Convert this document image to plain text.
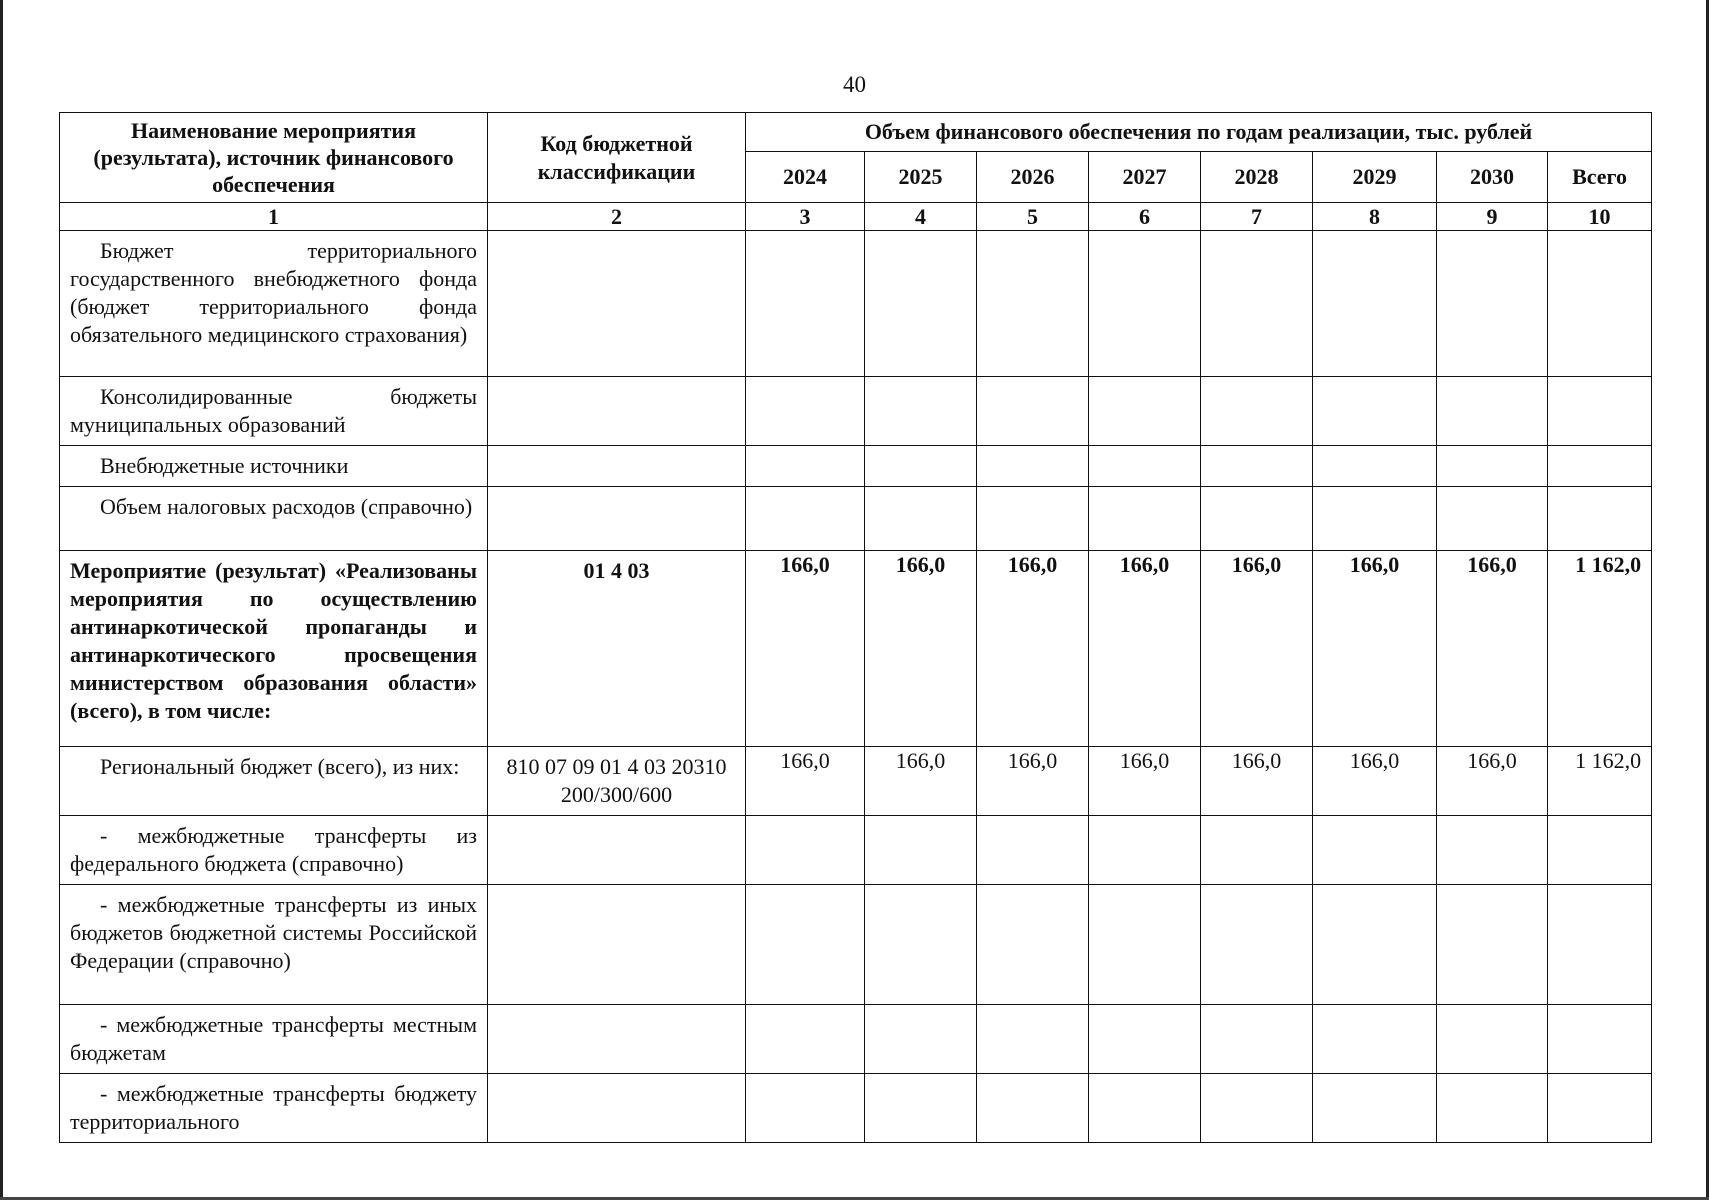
40
Наименование мероприятия (результата), источник финансового обеспечения	Код бюджетной классификации	Объем финансового обеспечения по годам реализации, тыс. рублей							
		2024	2025	2026	2027	2028	2029	2030	Всего
1	2	3	4	5	6	7	8	9	10
Бюджет территориального государственного внебюджетного фонда (бюджет территориального фонда обязательного медицинского страхования)									
Консолидированные бюджеты муниципальных образований									
Внебюджетные источники									
Объем налоговых расходов (справочно)									
Мероприятие (результат) «Реализованы мероприятия по осуществлению антинаркотической пропаганды и антинаркотического просвещения министерством образования области» (всего), в том числе:	01 4 03	166,0	166,0	166,0	166,0	166,0	166,0	166,0	1 162,0
Региональный бюджет (всего), из них:	810 07 09 01 4 03 20310 200/300/600	166,0	166,0	166,0	166,0	166,0	166,0	166,0	1 162,0
- межбюджетные трансферты из федерального бюджета (справочно)									
- межбюджетные трансферты из иных бюджетов бюджетной системы Российской Федерации (справочно)									
- межбюджетные трансферты местным бюджетам									
- межбюджетные трансферты бюджету территориального									
